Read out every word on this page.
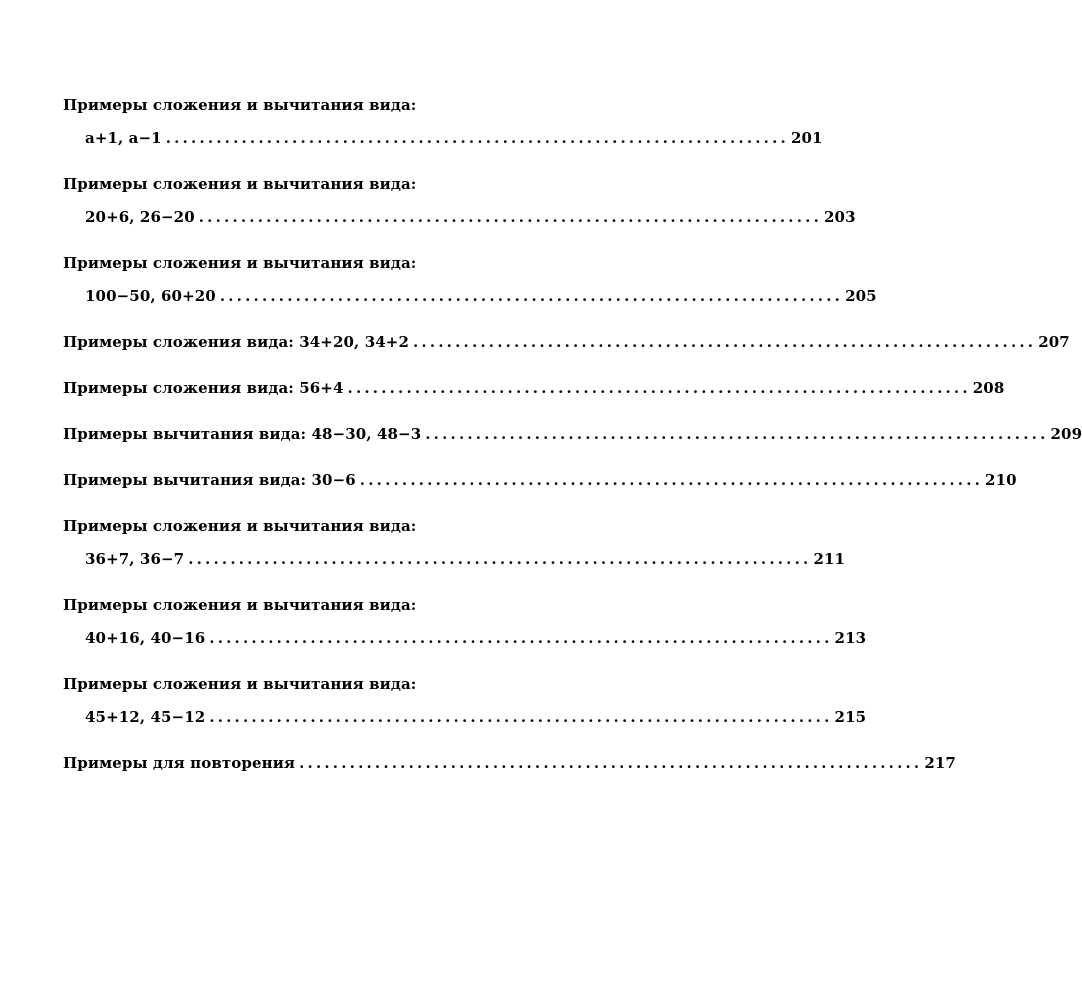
Примеры сложения и вычитания вида:
a+1, a−1 .......................................................................... 201
Примеры сложения и вычитания вида:
20+6, 26−20 .......................................................................... 203
Примеры сложения и вычитания вида:
100−50, 60+20 .......................................................................... 205
Примеры сложения вида: 34+20, 34+2 .......................................................................... 207
Примеры сложения вида: 56+4 .......................................................................... 208
Примеры вычитания вида: 48−30, 48−3 .......................................................................... 209
Примеры вычитания вида: 30−6 .......................................................................... 210
Примеры сложения и вычитания вида:
36+7, 36−7 .......................................................................... 211
Примеры сложения и вычитания вида:
40+16, 40−16 .......................................................................... 213
Примеры сложения и вычитания вида:
45+12, 45−12 .......................................................................... 215
Примеры для повторения .......................................................................... 217
